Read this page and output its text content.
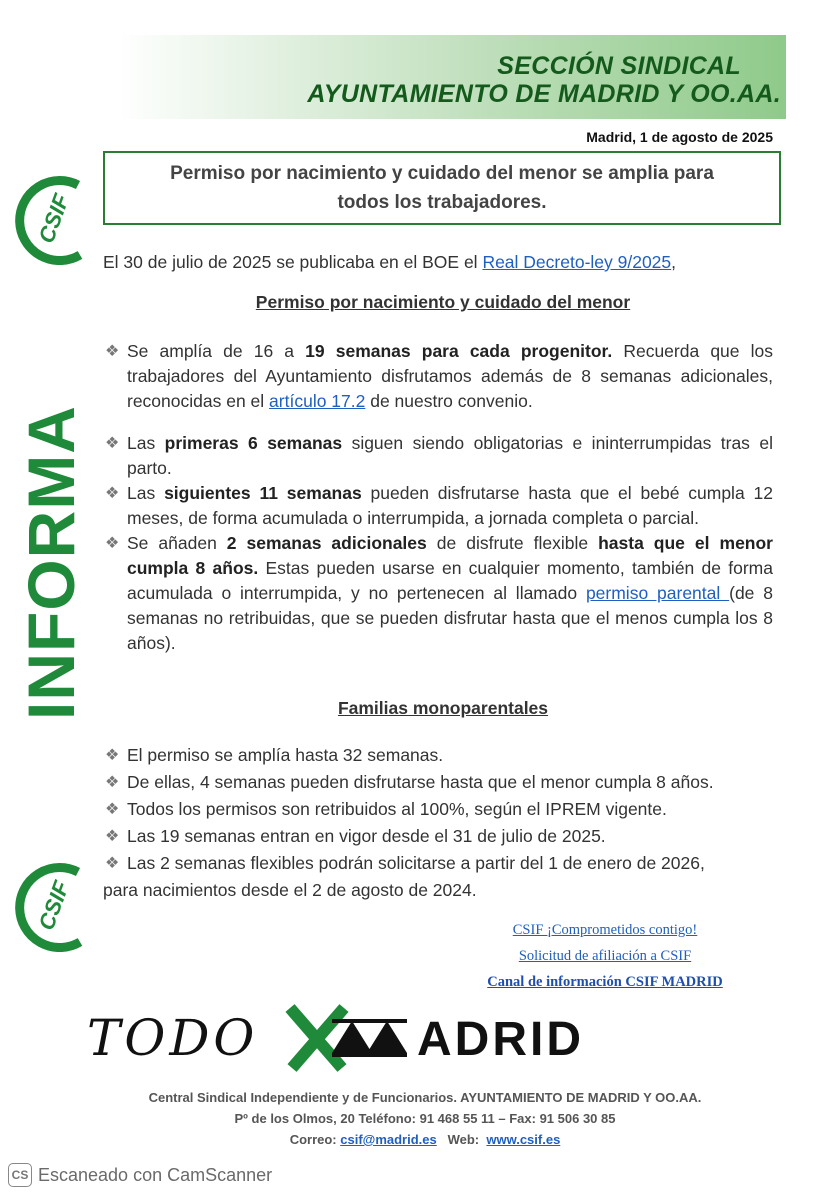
SECCIÓN SINDICAL
AYUNTAMIENTO DE MADRID Y OO.AA.
Madrid, 1 de agosto de 2025
Permiso por nacimiento y cuidado del menor se amplia para todos los trabajadores.
CSIF
INFORMA
CSIF
El 30 de julio de 2025 se publicaba en el BOE el Real Decreto-ley 9/2025,
Permiso por nacimiento y cuidado del menor
❖ Se amplía de 16 a 19 semanas para cada progenitor. Recuerda que los trabajadores del Ayuntamiento disfrutamos además de 8 semanas adicionales, reconocidas en el artículo 17.2 de nuestro convenio.
❖ Las primeras 6 semanas siguen siendo obligatorias e ininterrumpidas tras el parto.
❖ Las siguientes 11 semanas pueden disfrutarse hasta que el bebé cumpla 12 meses, de forma acumulada o interrumpida, a jornada completa o parcial.
❖ Se añaden 2 semanas adicionales de disfrute flexible hasta que el menor cumpla 8 años. Estas pueden usarse en cualquier momento, también de forma acumulada o interrumpida, y no pertenecen al llamado permiso parental (de 8 semanas no retribuidas, que se pueden disfrutar hasta que el menos cumpla los 8 años).
Familias monoparentales
❖ El permiso se amplía hasta 32 semanas.
❖ De ellas, 4 semanas pueden disfrutarse hasta que el menor cumpla 8 años.
❖ Todos los permisos son retribuidos al 100%, según el IPREM vigente.
❖ Las 19 semanas entran en vigor desde el 31 de julio de 2025.
❖ Las 2 semanas flexibles podrán solicitarse a partir del 1 de enero de 2026,
para nacimientos desde el 2 de agosto de 2024.
CSIF ¡Comprometidos contigo!
Solicitud de afiliación a CSIF
Canal de información CSIF MADRID
TODO	ADRID
Central Sindical Independiente y de Funcionarios. AYUNTAMIENTO DE MADRID Y OO.AA.
Pº de los Olmos, 20 Teléfono: 91 468 55 11 – Fax: 91 506 30 85
Correo: csif@madrid.es   Web:  www.csif.es
CS Escaneado con CamScanner
